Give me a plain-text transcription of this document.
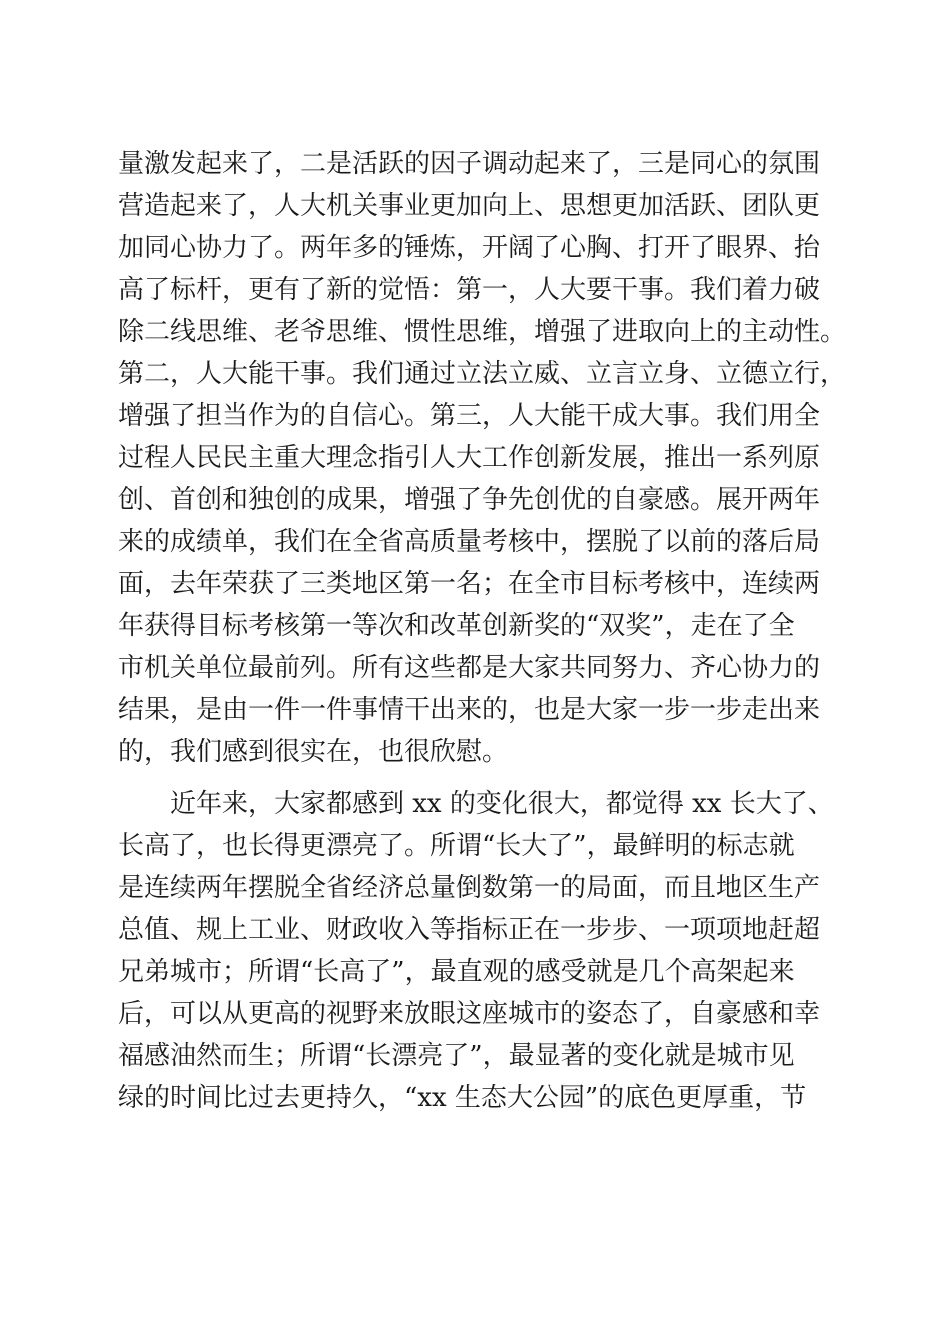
量激发起来了，二是活跃的因子调动起来了，三是同心的氛围
营造起来了，人大机关事业更加向上、思想更加活跃、团队更
加同心协力了。两年多的锤炼，开阔了心胸、打开了眼界、抬
高了标杆，更有了新的觉悟：第一，人大要干事。我们着力破
除二线思维、老爷思维、惯性思维，增强了进取向上的主动性。
第二，人大能干事。我们通过立法立威、立言立身、立德立行，
增强了担当作为的自信心。第三，人大能干成大事。我们用全
过程人民民主重大理念指引人大工作创新发展，推出一系列原
创、首创和独创的成果，增强了争先创优的自豪感。展开两年
来的成绩单，我们在全省高质量考核中，摆脱了以前的落后局
面，去年荣获了三类地区第一名；在全市目标考核中，连续两
年获得目标考核第一等次和改革创新奖的“双奖”，走在了全
市机关单位最前列。所有这些都是大家共同努力、齐心协力的
结果，是由一件一件事情干出来的，也是大家一步一步走出来
的，我们感到很实在，也很欣慰。
近年来，大家都感到 xx 的变化很大，都觉得 xx 长大了、
长高了，也长得更漂亮了。所谓“长大了”，最鲜明的标志就
是连续两年摆脱全省经济总量倒数第一的局面，而且地区生产
总值、规上工业、财政收入等指标正在一步步、一项项地赶超
兄弟城市；所谓“长高了”，最直观的感受就是几个高架起来
后，可以从更高的视野来放眼这座城市的姿态了，自豪感和幸
福感油然而生；所谓“长漂亮了”，最显著的变化就是城市见
绿的时间比过去更持久，“xx 生态大公园”的底色更厚重，节
